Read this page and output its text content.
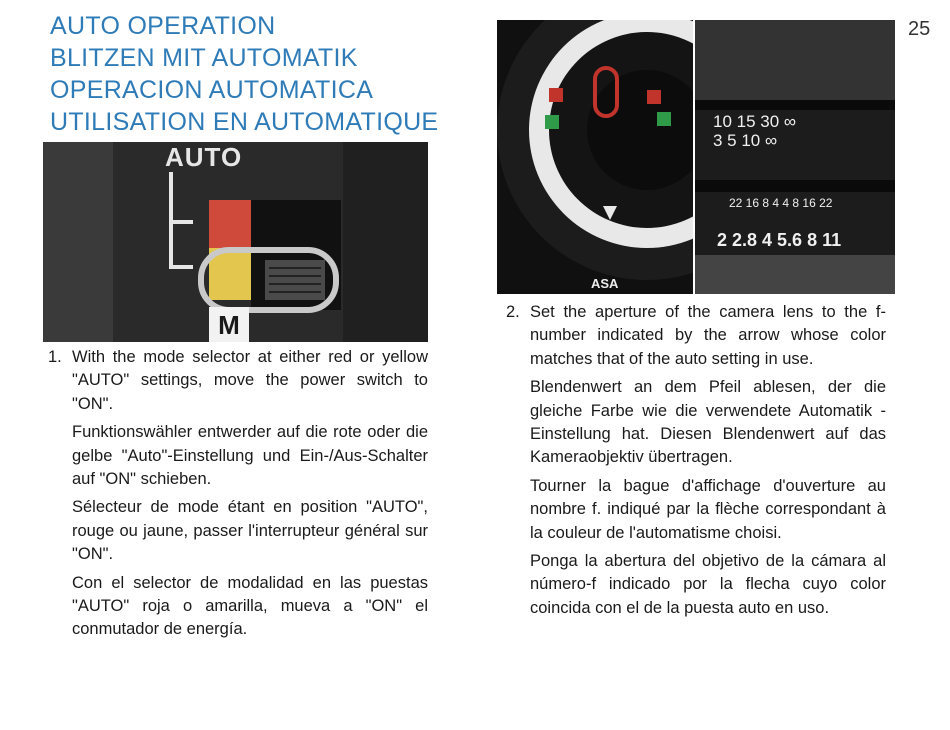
AUTO OPERATION
BLITZEN MIT AUTOMATIK
OPERACION AUTOMATICA
UTILISATION EN AUTOMATIQUE
25
AUTO
M
ASA
10 15 30 ∞
3 5 10 ∞
22 16 8 4 4 8 16 22
2 2.8 4 5.6 8 11
1. With the mode selector at either red or yellow "AUTO" settings, move the power switch to "ON".
Funktionswähler entwerder auf die rote oder die gelbe "Auto"-Einstellung und Ein-/Aus-Schalter auf "ON" schieben.
Sélecteur de mode étant en position "AUTO", rouge ou jaune, passer l'interrupteur général sur "ON".
Con el selector de modalidad en las puestas "AUTO" roja o amarilla, mueva a "ON" el conmutador de energía.
2. Set the aperture of the camera lens to the f-number indicated by the arrow whose color matches that of the auto setting in use.
Blendenwert an dem Pfeil ablesen, der die gleiche Farbe wie die verwendete Automatik - Einstellung hat. Diesen Blendenwert auf das Kameraobjektiv übertragen.
Tourner la bague d'affichage d'ouverture au nombre f. indiqué par la flèche correspondant à la couleur de l'automatisme choisi.
Ponga la abertura del objetivo de la cámara al número-f indicado por la flecha cuyo color coincida con el de la puesta auto en uso.
